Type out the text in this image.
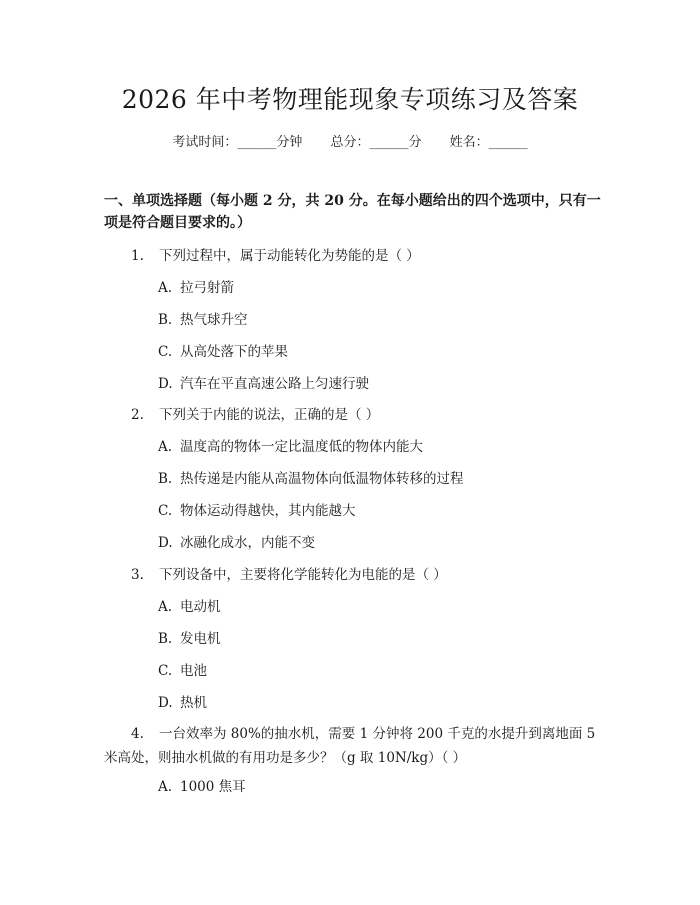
2026 年中考物理能现象专项练习及答案
考试时间：______分钟 总分：______分 姓名：______
一、单项选择题（每小题 2 分，共 20 分。在每小题给出的四个选项中，只有一项是符合题目要求的。）
1. 下列过程中，属于动能转化为势能的是（ ）
A. 拉弓射箭
B. 热气球升空
C. 从高处落下的苹果
D. 汽车在平直高速公路上匀速行驶
2. 下列关于内能的说法，正确的是（ ）
A. 温度高的物体一定比温度低的物体内能大
B. 热传递是内能从高温物体向低温物体转移的过程
C. 物体运动得越快，其内能越大
D. 冰融化成水，内能不变
3. 下列设备中，主要将化学能转化为电能的是（ ）
A. 电动机
B. 发电机
C. 电池
D. 热机
4. 一台效率为 80%的抽水机，需要 1 分钟将 200 千克的水提升到离地面 5 米高处，则抽水机做的有用功是多少？（g 取 10N/kg）（ ）
A. 1000 焦耳
